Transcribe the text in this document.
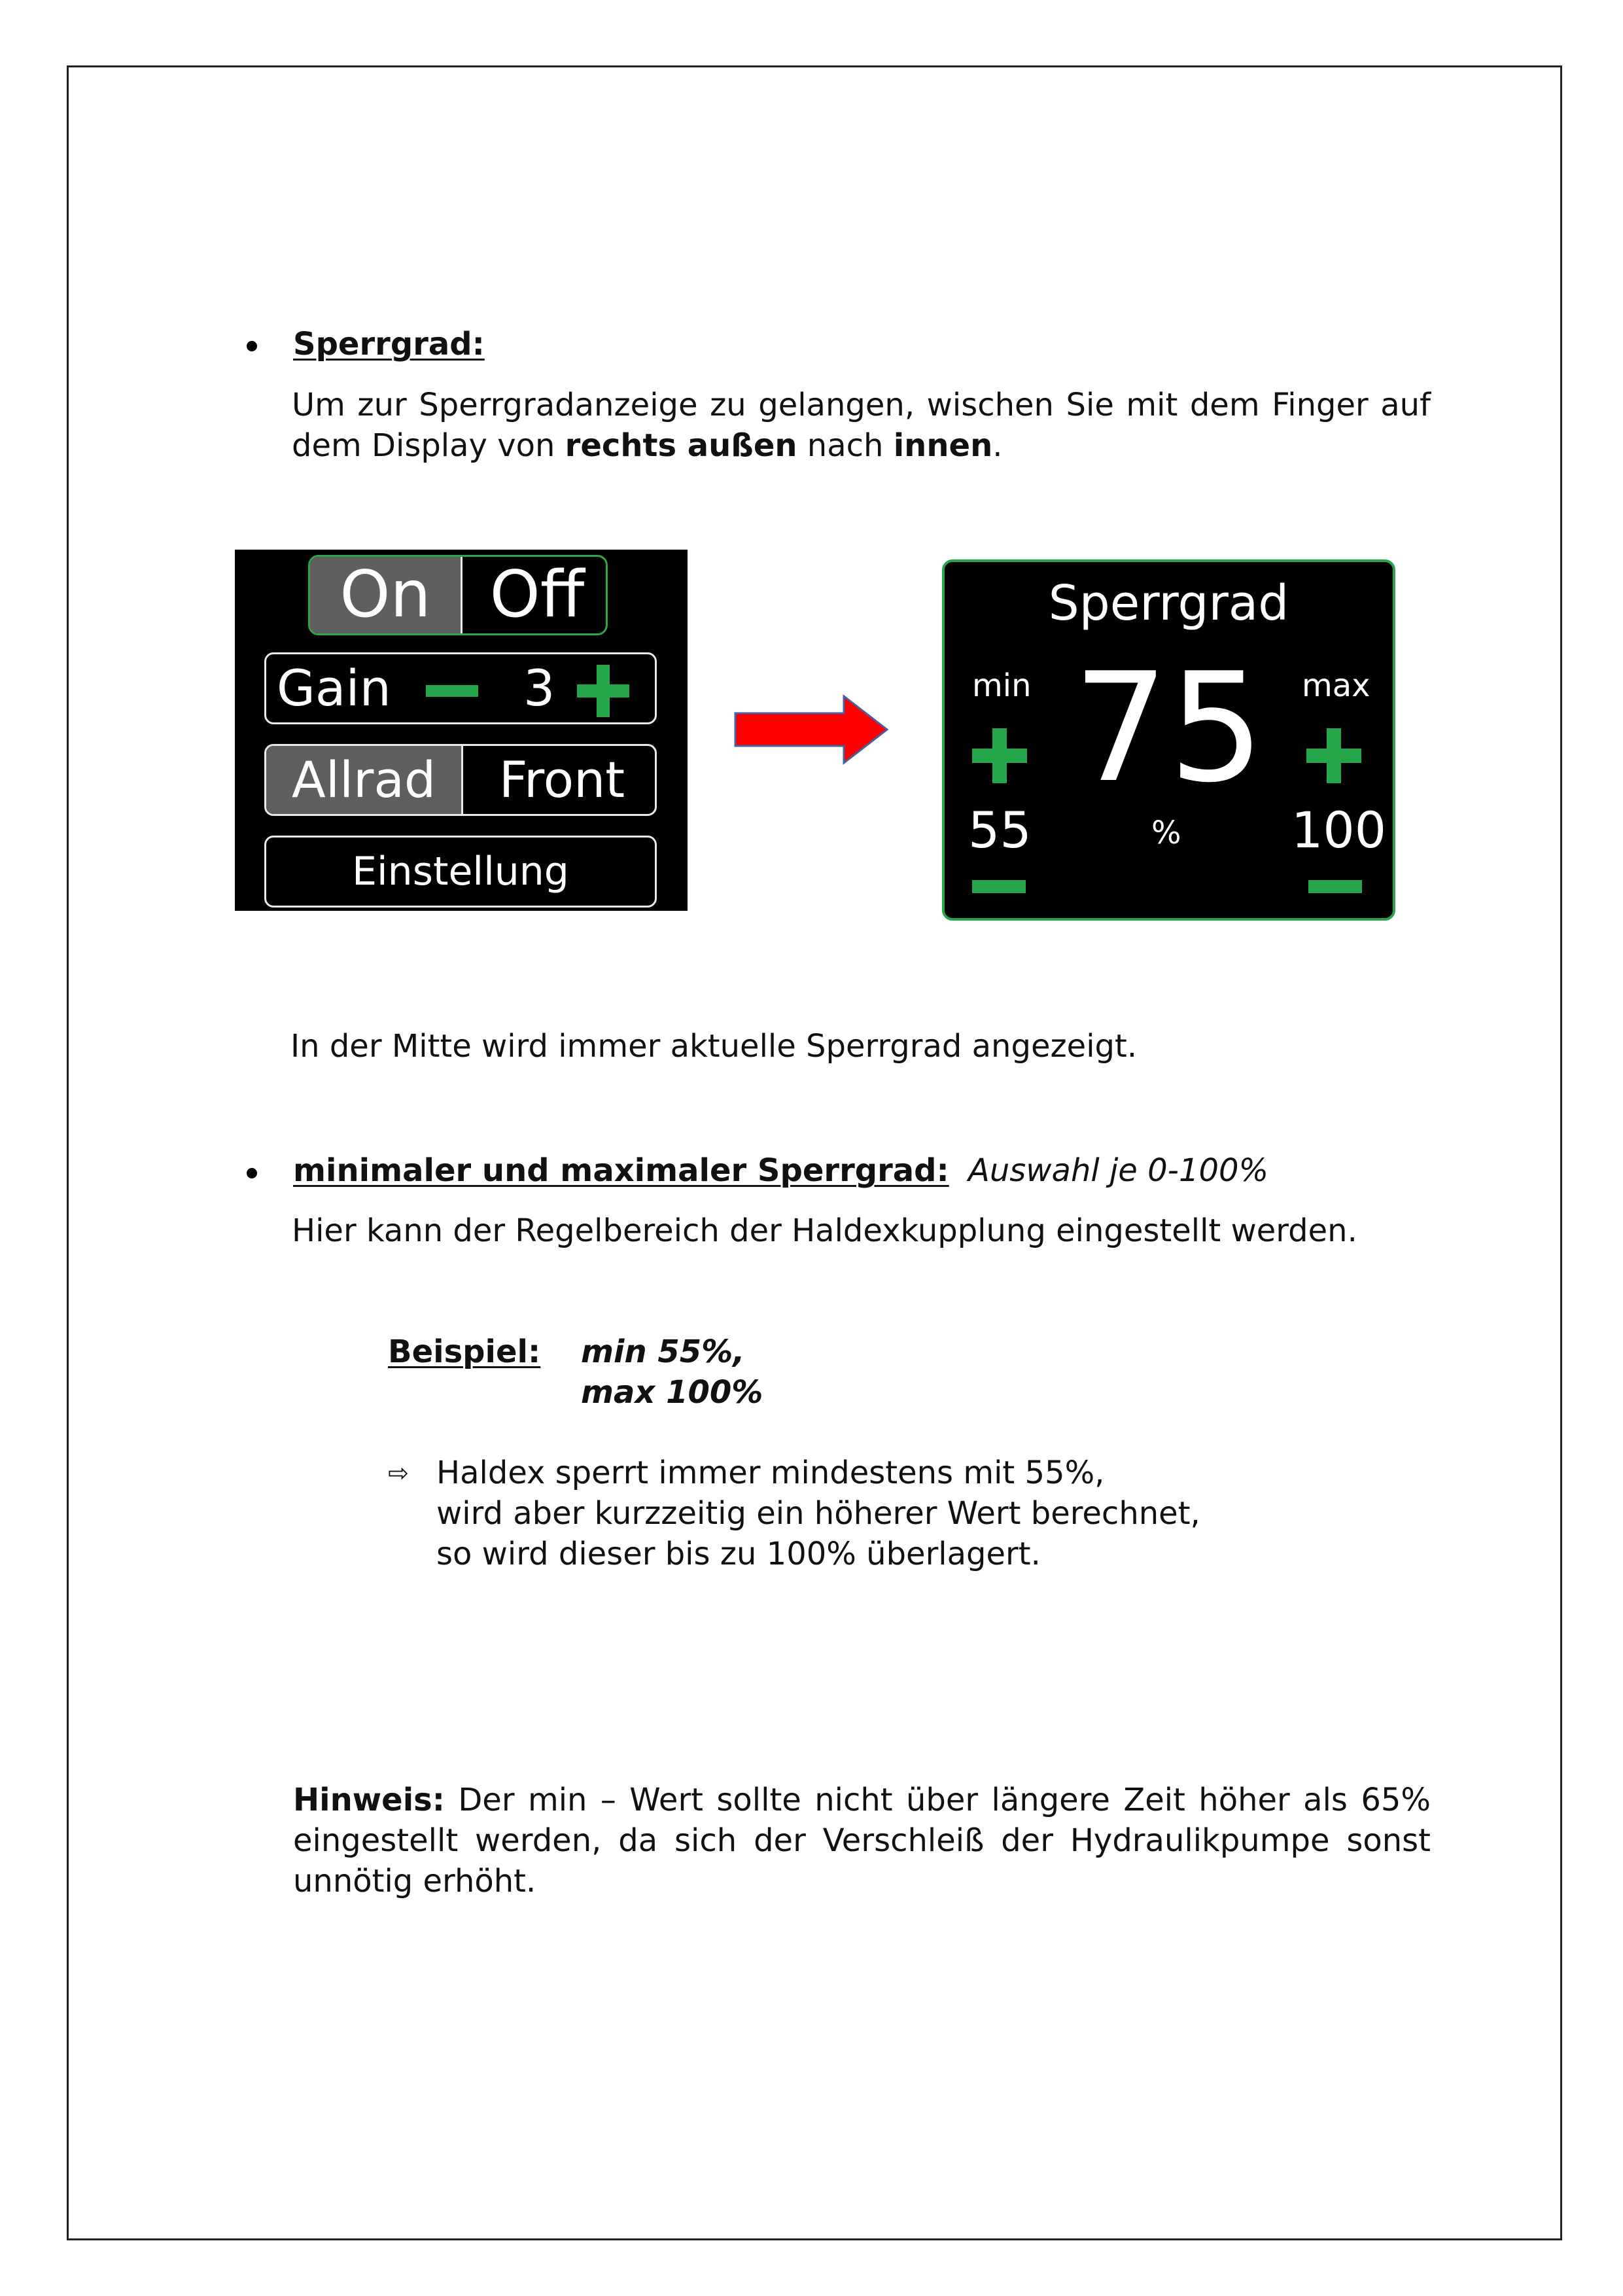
Sperrgrad:
Um zur Sperrgradanzeige zu gelangen, wischen Sie mit dem Finger auf
dem Display von rechts außen nach innen.
On Off
Gain	3
Allrad	Front
Einstellung speichern
Sperrgrad
min	max
75
55	% 100
In der Mitte wird immer aktuelle Sperrgrad angezeigt.
minimaler und maximaler Sperrgrad: Auswahl je 0-100%
Hier kann der Regelbereich der Haldexkupplung eingestellt werden.
Beispiel: min 55%,
max 100%
⇨ Haldex sperrt immer mindestens mit 55%,
wird aber kurzzeitig ein höherer Wert berechnet,
so wird dieser bis zu 100% überlagert.
Hinweis: Der min – Wert sollte nicht über längere Zeit höher als 65%
eingestellt werden, da sich der Verschleiß der Hydraulikpumpe sonst
unnötig erhöht.
